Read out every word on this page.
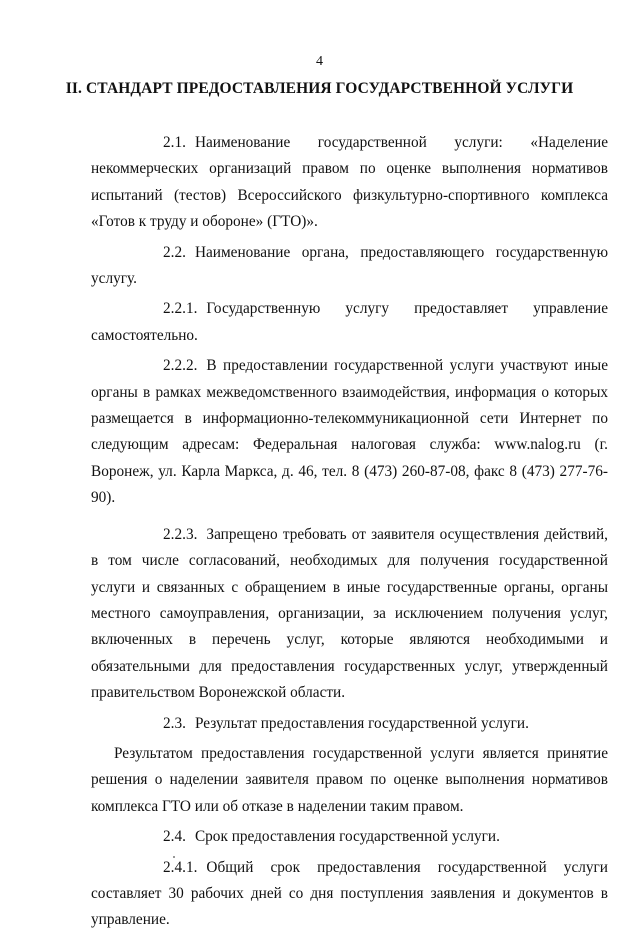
4
II. СТАНДАРТ ПРЕДОСТАВЛЕНИЯ ГОСУДАРСТВЕННОЙ УСЛУГИ

2.1. Наименование государственной услуги: «Наделение некоммерческих организаций правом по оценке выполнения нормативов испытаний (тестов) Всероссийского физкультурно-спортивного комплекса «Готов к труду и обороне» (ГТО)».

2.2. Наименование органа, предоставляющего государственную услугу.

2.2.1. Государственную услугу предоставляет управление самостоятельно.

2.2.2. В предоставлении государственной услуги участвуют иные органы в рамках межведомственного взаимодействия, информация о которых размещается в информационно-телекоммуникационной сети Интернет по следующим адресам: Федеральная налоговая служба: www.nalog.ru (г. Воронеж, ул. Карла Маркса, д. 46, тел. 8 (473) 260-87-08, факс 8 (473) 277-76-90).

2.2.3. Запрещено требовать от заявителя осуществления действий, в том числе согласований, необходимых для получения государственной услуги и связанных с обращением в иные государственные органы, органы местного самоуправления, организации, за исключением получения услуг, включенных в перечень услуг, которые являются необходимыми и обязательными для предоставления государственных услуг, утвержденный правительством Воронежской области.

2.3. Результат предоставления государственной услуги.

Результатом предоставления государственной услуги является принятие решения о наделении заявителя правом по оценке выполнения нормативов комплекса ГТО или об отказе в наделении таким правом.

2.4. Срок предоставления государственной услуги.

2.4.1. Общий срок предоставления государственной услуги составляет 30 рабочих дней со дня поступления заявления и документов в управление.
